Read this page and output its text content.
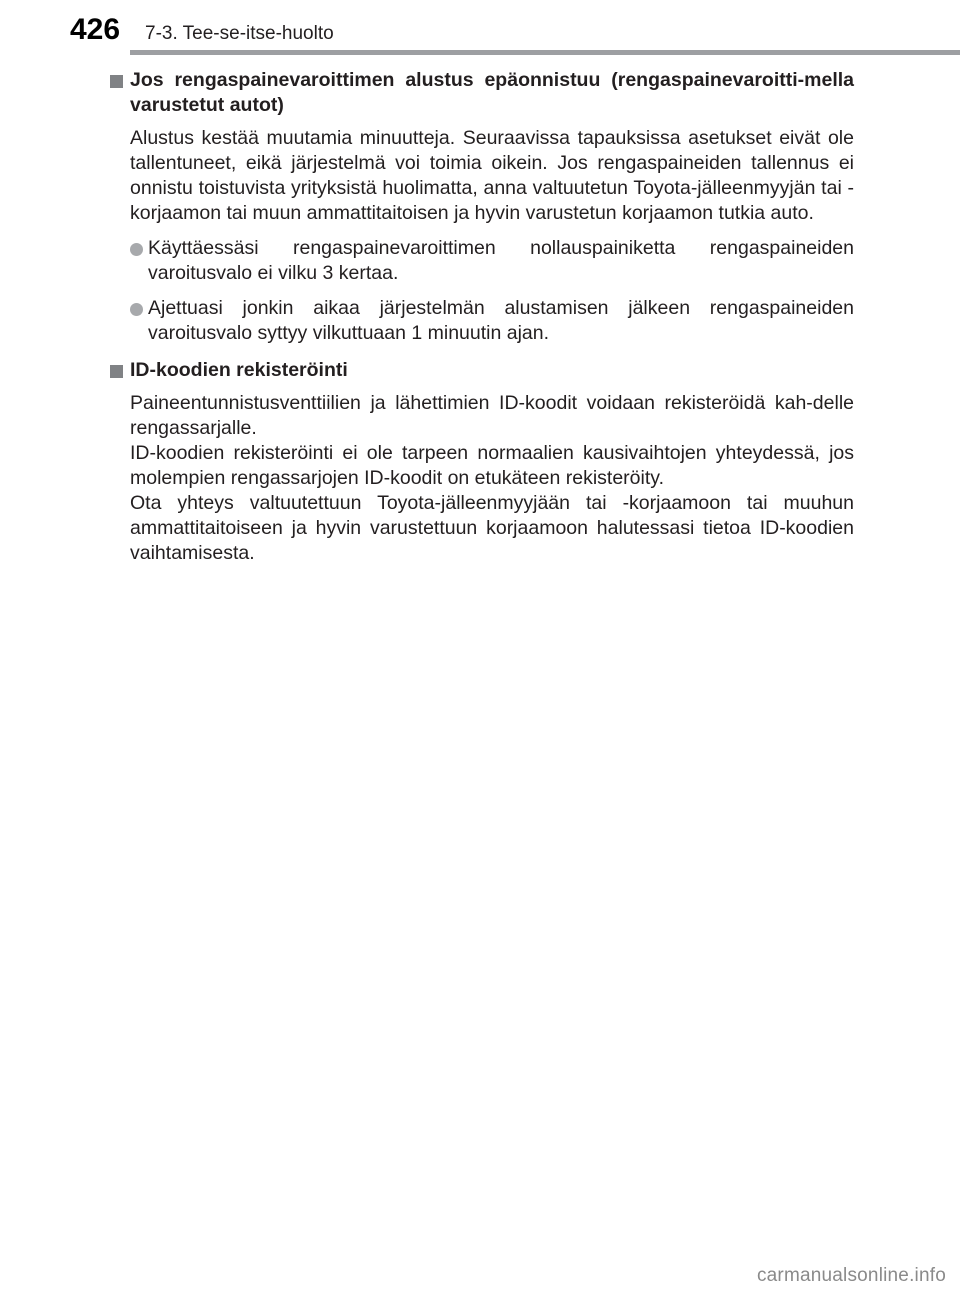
426 7-3. Tee-se-itse-huolto
Jos rengaspainevaroittimen alustus epäonnistuu (rengaspainevaroitti-mella varustetut autot)

Alustus kestää muutamia minuutteja. Seuraavissa tapauksissa asetukset eivät ole tallentuneet, eikä järjestelmä voi toimia oikein. Jos rengaspaineiden tallennus ei onnistu toistuvista yrityksistä huolimatta, anna valtuutetun Toyota-jälleenmyyjän tai -korjaamon tai muun ammattitaitoisen ja hyvin varustetun korjaamon tutkia auto.

Käyttäessäsi rengaspainevaroittimen nollauspainiketta rengaspaineiden varoitusvalo ei vilku 3 kertaa.
Ajettuasi jonkin aikaa järjestelmän alustamisen jälkeen rengaspaineiden varoitusvalo syttyy vilkuttuaan 1 minuutin ajan.
ID-koodien rekisteröinti

Paineentunnistusventtiilien ja lähettimien ID-koodit voidaan rekisteröidä kah-delle rengassarjalle.

ID-koodien rekisteröinti ei ole tarpeen normaalien kausivaihtojen yhteydessä, jos molempien rengassarjojen ID-koodit on etukäteen rekisteröity.

Ota yhteys valtuutettuun Toyota-jälleenmyyjään tai -korjaamoon tai muuhun ammattitaitoiseen ja hyvin varustettuun korjaamoon halutessasi tietoa ID-koodien vaihtamisesta.

carmanualsonline.info
